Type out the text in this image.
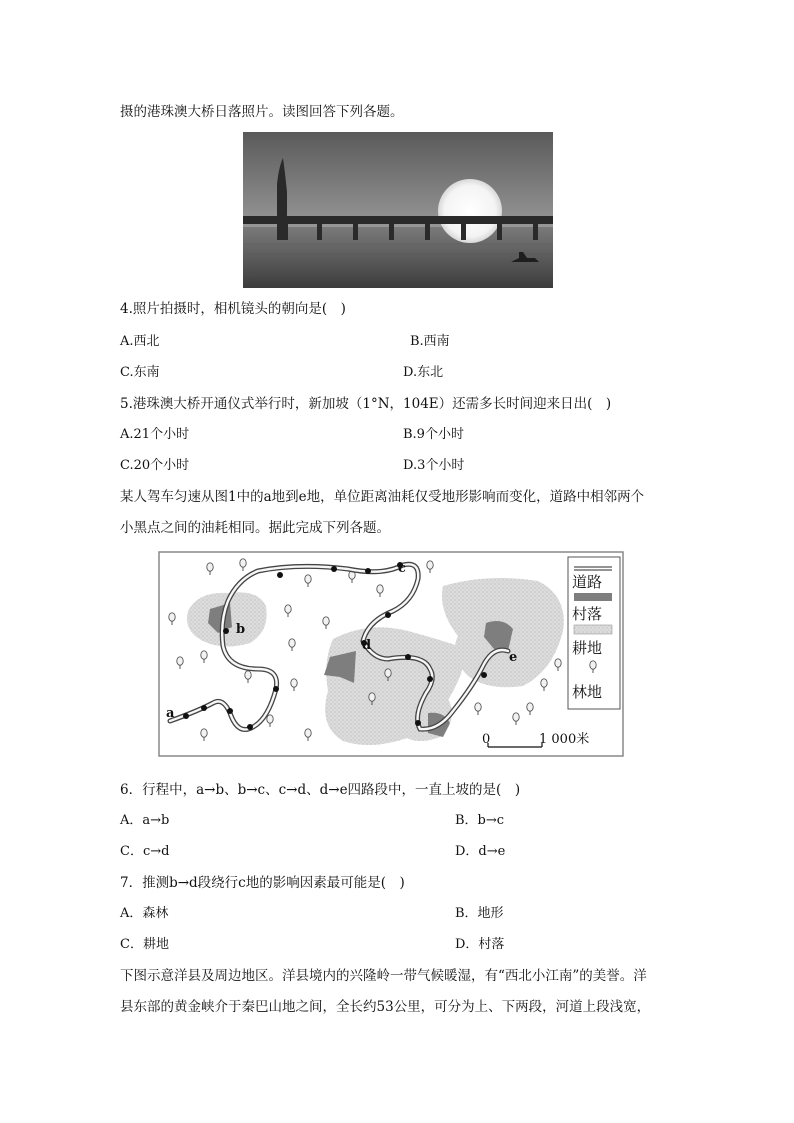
摄的港珠澳大桥日落照片。读图回答下列各题。
4.照片拍摄时，相机镜头的朝向是(　)
A.西北	B.西南
C.东南	D.东北
5.港珠澳大桥开通仪式举行时，新加坡（1°N，104E）还需多长时间迎来日出(　)
A.21个小时	B.9个小时
C.20个小时	D.3个小时
某人驾车匀速从图1中的a地到e地，单位距离油耗仅受地形影响而变化，道路中相邻两个
小黑点之间的油耗相同。据此完成下列各题。
a
b
c
d
e
0	1 000米
道路
村落
耕地
林地
6．行程中，a→b、b→c、c→d、d→e四路段中，一直上坡的是(　)
A．a→b	B．b→c
C．c→d	D．d→e
7．推测b→d段绕行c地的影响因素最可能是(　)
A．森林	B．地形
C．耕地	D．村落
下图示意洋县及周边地区。洋县境内的兴隆岭一带气候暖湿，有“西北小江南”的美誉。洋
县东部的黄金峡介于秦巴山地之间，全长约53公里，可分为上、下两段，河道上段浅宽，
